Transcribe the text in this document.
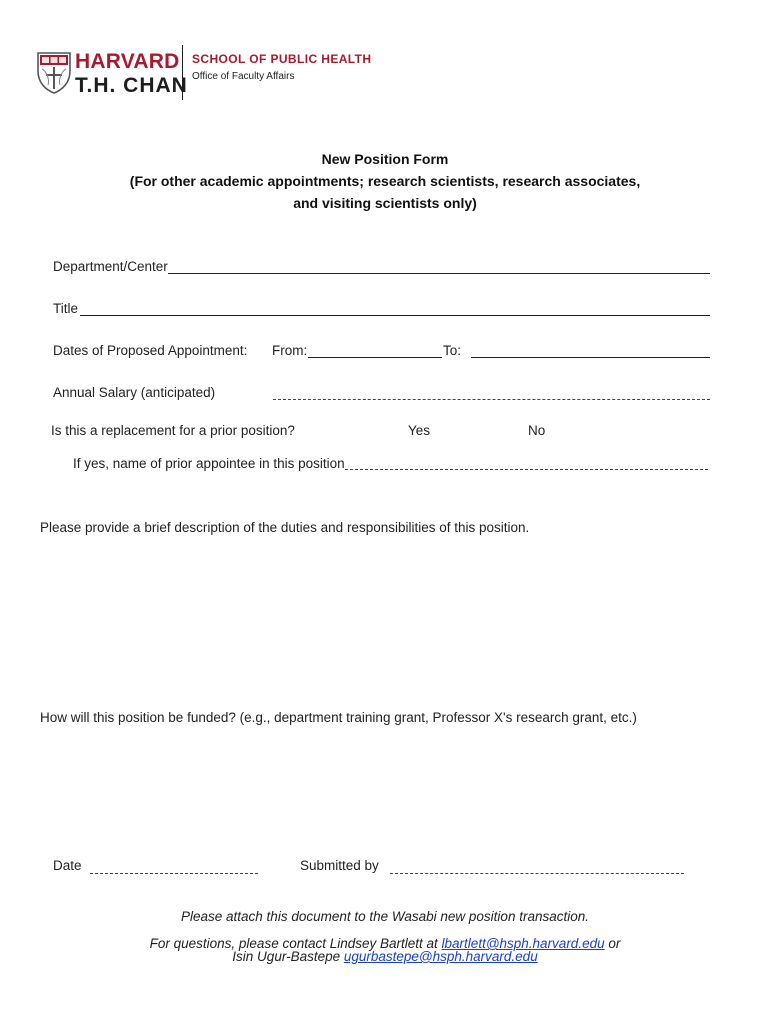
HARVARD
T.H. CHAN
SCHOOL OF PUBLIC HEALTH
Office of Faculty Affairs
New Position Form
(For other academic appointments; research scientists, research associates,
and visiting scientists only)
Department/Center
Title
Dates of Proposed Appointment: From:	To:
Annual Salary (anticipated)
Is this a replacement for a prior position?	Yes	No
If yes, name of prior appointee in this position
Please provide a brief description of the duties and responsibilities of this position.
How will this position be funded? (e.g., department training grant, Professor X's research grant, etc.)
Date	Submitted by
Please attach this document to the Wasabi new position transaction.
For questions, please contact Lindsey Bartlett at lbartlett@hsph.harvard.edu or
Isin Ugur-Bastepe ugurbastepe@hsph.harvard.edu
